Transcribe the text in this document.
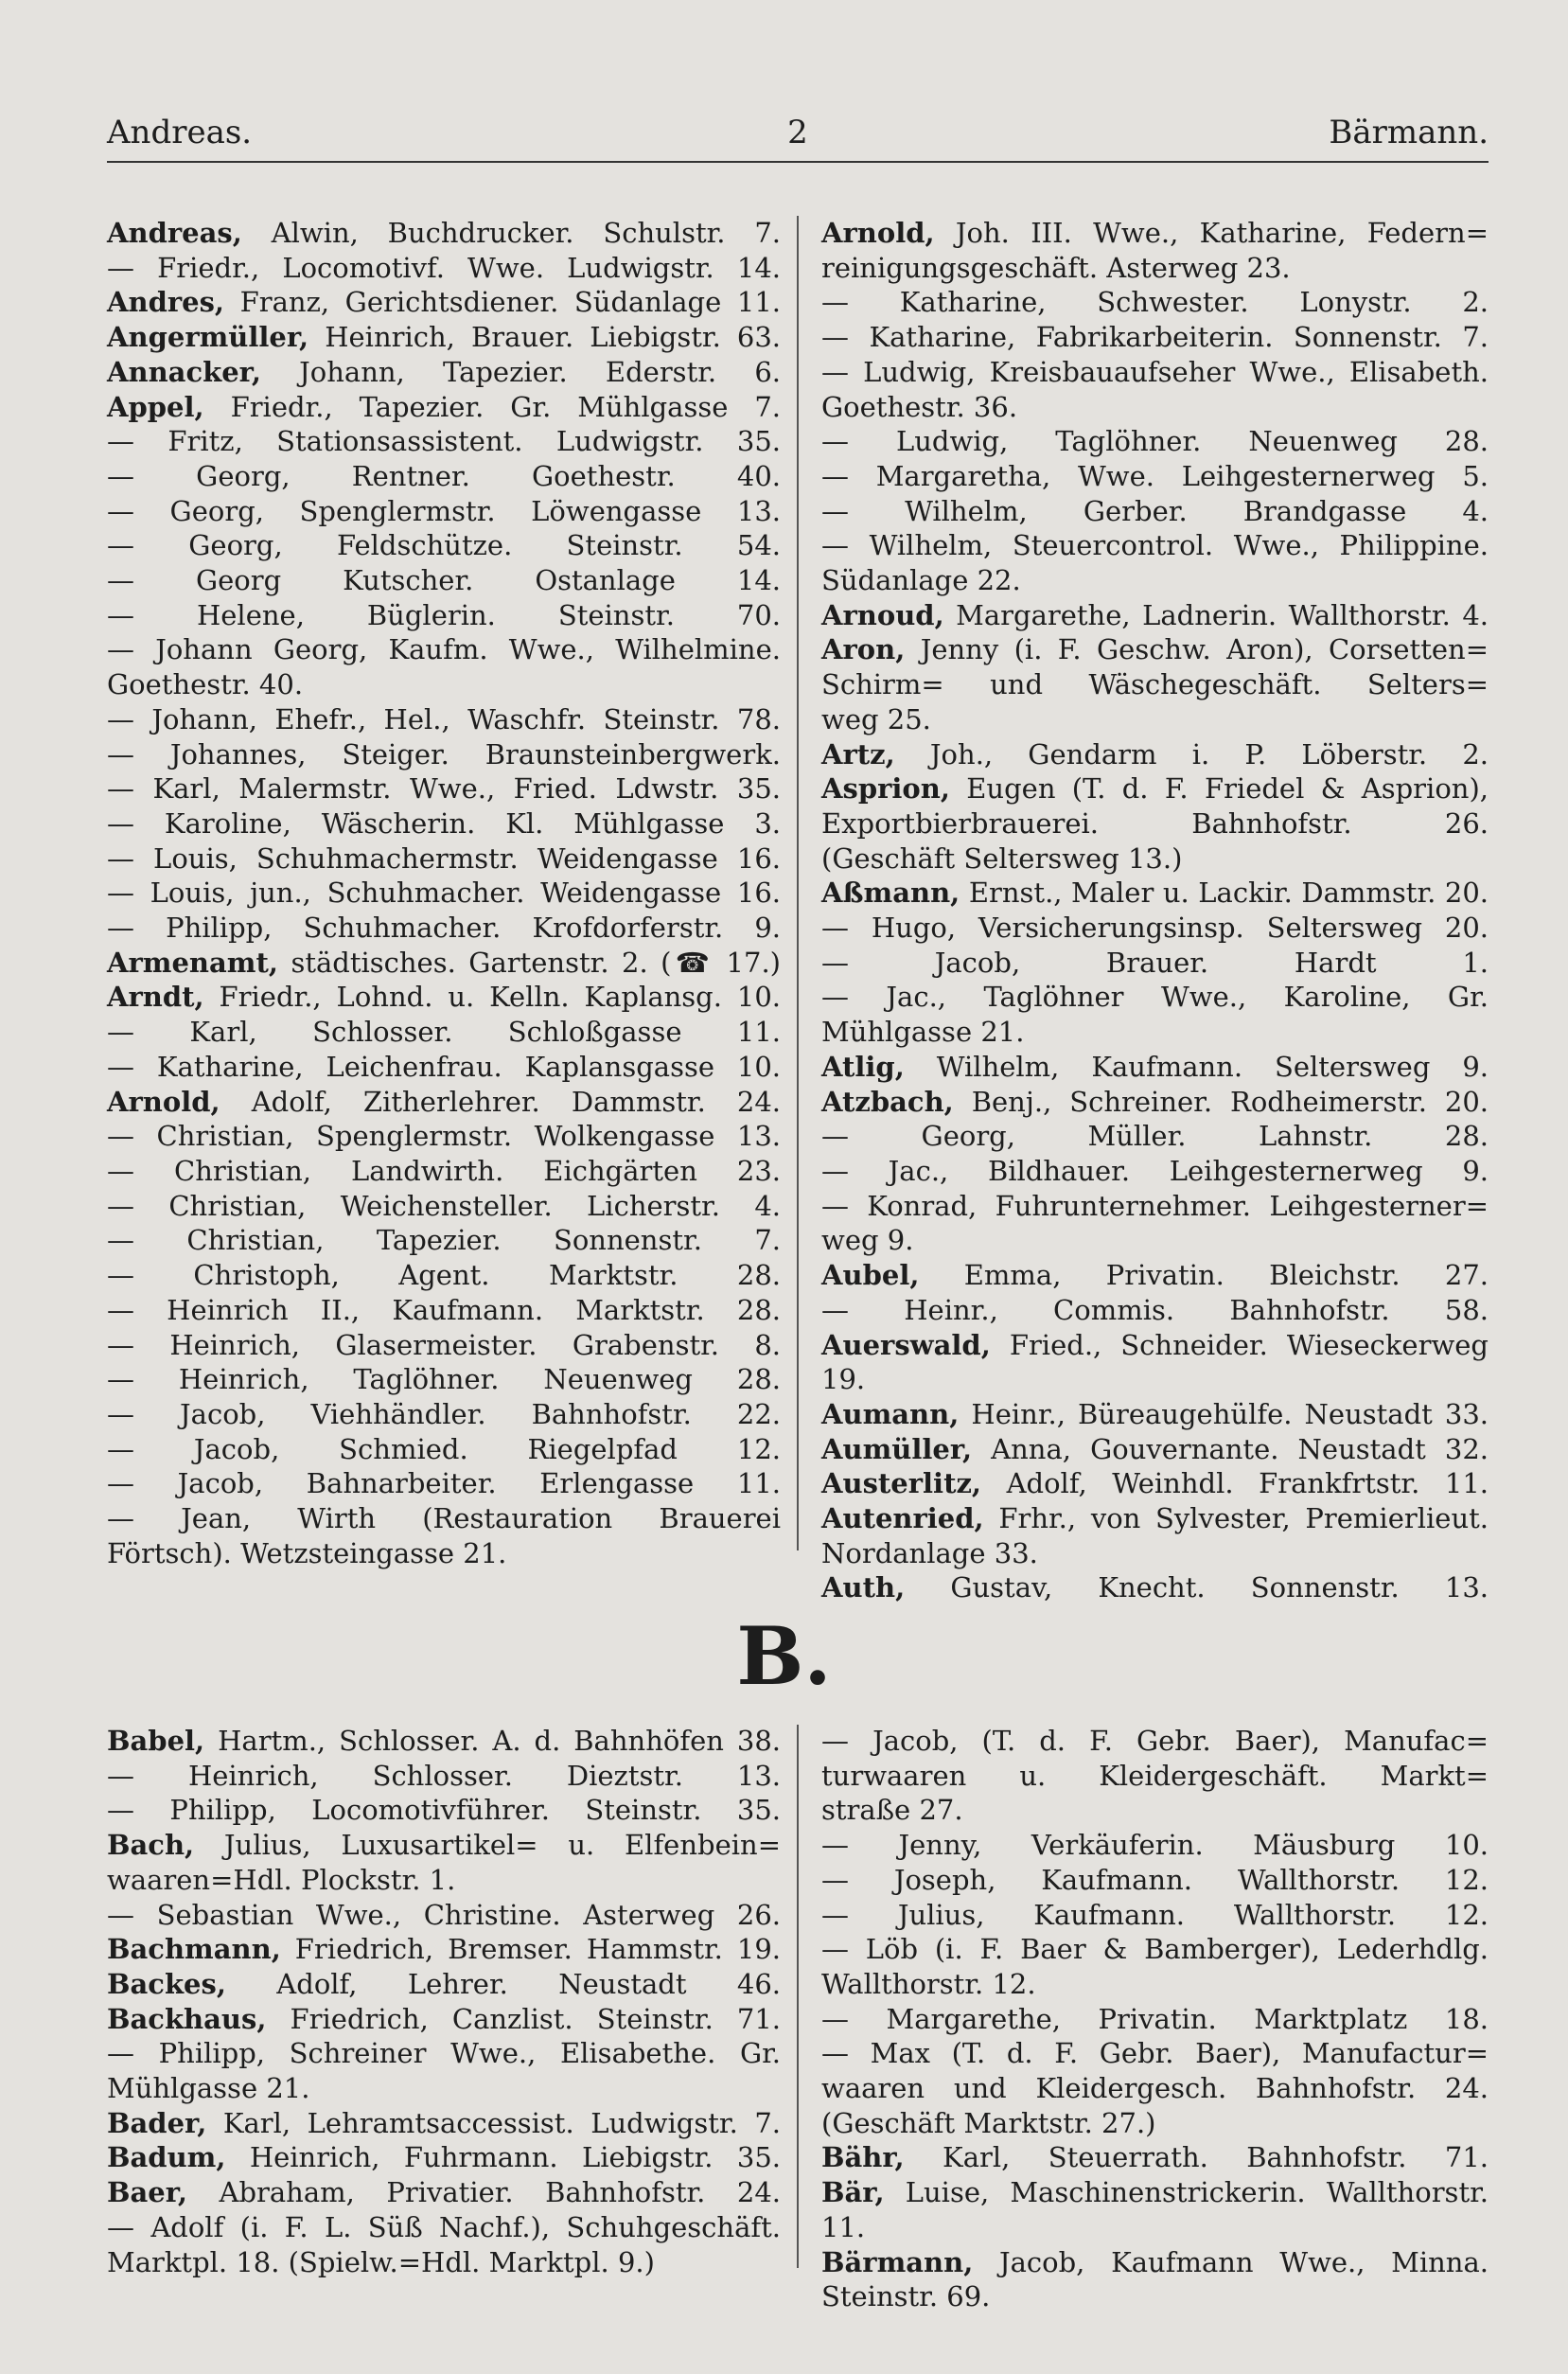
Andreas.	2	Bärmann.
Andreas, Alwin, Buchdrucker. Schulstr. 7.
— Friedr., Locomotivf. Wwe. Ludwigstr. 14.
Andres, Franz, Gerichtsdiener. Südanlage 11.
Angermüller, Heinrich, Brauer. Liebigstr. 63.
Annacker, Johann, Tapezier. Ederstr. 6.
Appel, Friedr., Tapezier. Gr. Mühlgasse 7.
— Fritz, Stationsassistent. Ludwigstr. 35.
— Georg, Rentner. Goethestr. 40.
— Georg, Spenglermstr. Löwengasse 13.
— Georg, Feldschütze. Steinstr. 54.
— Georg Kutscher. Ostanlage 14.
— Helene, Büglerin. Steinstr. 70.
— Johann Georg, Kaufm. Wwe., Wilhelmine.
Goethestr. 40.
— Johann, Ehefr., Hel., Waschfr. Steinstr. 78.
— Johannes, Steiger. Braunsteinbergwerk.
— Karl, Malermstr. Wwe., Fried. Ldwstr. 35.
— Karoline, Wäscherin. Kl. Mühlgasse 3.
— Louis, Schuhmachermstr. Weidengasse 16.
— Louis, jun., Schuhmacher. Weidengasse 16.
— Philipp, Schuhmacher. Krofdorferstr. 9.
Armenamt, städtisches. Gartenstr. 2. (☎ 17.)
Arndt, Friedr., Lohnd. u. Kelln. Kaplansg. 10.
— Karl, Schlosser. Schloßgasse 11.
— Katharine, Leichenfrau. Kaplansgasse 10.
Arnold, Adolf, Zitherlehrer. Dammstr. 24.
— Christian, Spenglermstr. Wolkengasse 13.
— Christian, Landwirth. Eichgärten 23.
— Christian, Weichensteller. Licherstr. 4.
— Christian, Tapezier. Sonnenstr. 7.
— Christoph, Agent. Marktstr. 28.
— Heinrich II., Kaufmann. Marktstr. 28.
— Heinrich, Glasermeister. Grabenstr. 8.
— Heinrich, Taglöhner. Neuenweg 28.
— Jacob, Viehhändler. Bahnhofstr. 22.
— Jacob, Schmied. Riegelpfad 12.
— Jacob, Bahnarbeiter. Erlengasse 11.
— Jean, Wirth (Restauration Brauerei
Förtsch). Wetzsteingasse 21.
Arnold, Joh. III. Wwe., Katharine, Federn=
reinigungsgeschäft. Asterweg 23.
— Katharine, Schwester. Lonystr. 2.
— Katharine, Fabrikarbeiterin. Sonnenstr. 7.
— Ludwig, Kreisbauaufseher Wwe., Elisabeth.
Goethestr. 36.
— Ludwig, Taglöhner. Neuenweg 28.
— Margaretha, Wwe. Leihgesternerweg 5.
— Wilhelm, Gerber. Brandgasse 4.
— Wilhelm, Steuercontrol. Wwe., Philippine.
Südanlage 22.
Arnoud, Margarethe, Ladnerin. Wallthorstr. 4.
Aron, Jenny (i. F. Geschw. Aron), Corsetten=
Schirm= und Wäschegeschäft. Selters=
weg 25.
Artz, Joh., Gendarm i. P. Löberstr. 2.
Asprion, Eugen (T. d. F. Friedel & Asprion),
Exportbierbrauerei. Bahnhofstr. 26.
(Geschäft Seltersweg 13.)
Aßmann, Ernst., Maler u. Lackir. Dammstr. 20.
— Hugo, Versicherungsinsp. Seltersweg 20.
— Jacob, Brauer. Hardt 1.
— Jac., Taglöhner Wwe., Karoline, Gr.
Mühlgasse 21.
Atlig, Wilhelm, Kaufmann. Seltersweg 9.
Atzbach, Benj., Schreiner. Rodheimerstr. 20.
— Georg, Müller. Lahnstr. 28.
— Jac., Bildhauer. Leihgesternerweg 9.
— Konrad, Fuhrunternehmer. Leihgesterner=
weg 9.
Aubel, Emma, Privatin. Bleichstr. 27.
— Heinr., Commis. Bahnhofstr. 58.
Auerswald, Fried., Schneider. Wieseckerweg 19.
Aumann, Heinr., Büreaugehülfe. Neustadt 33.
Aumüller, Anna, Gouvernante. Neustadt 32.
Austerlitz, Adolf, Weinhdl. Frankfrtstr. 11.
Autenried, Frhr., von Sylvester, Premierlieut.
Nordanlage 33.
Auth, Gustav, Knecht. Sonnenstr. 13.
B.
Babel, Hartm., Schlosser. A. d. Bahnhöfen 38.
— Heinrich, Schlosser. Dieztstr. 13.
— Philipp, Locomotivführer. Steinstr. 35.
Bach, Julius, Luxusartikel= u. Elfenbein=
waaren=Hdl. Plockstr. 1.
— Sebastian Wwe., Christine. Asterweg 26.
Bachmann, Friedrich, Bremser. Hammstr. 19.
Backes, Adolf, Lehrer. Neustadt 46.
Backhaus, Friedrich, Canzlist. Steinstr. 71.
— Philipp, Schreiner Wwe., Elisabethe. Gr.
Mühlgasse 21.
Bader, Karl, Lehramtsaccessist. Ludwigstr. 7.
Badum, Heinrich, Fuhrmann. Liebigstr. 35.
Baer, Abraham, Privatier. Bahnhofstr. 24.
— Adolf (i. F. L. Süß Nachf.), Schuhgeschäft.
Marktpl. 18. (Spielw.=Hdl. Marktpl. 9.)
— Jacob, (T. d. F. Gebr. Baer), Manufac=
turwaaren u. Kleidergeschäft. Markt=
straße 27.
— Jenny, Verkäuferin. Mäusburg 10.
— Joseph, Kaufmann. Wallthorstr. 12.
— Julius, Kaufmann. Wallthorstr. 12.
— Löb (i. F. Baer & Bamberger), Lederhdlg.
Wallthorstr. 12.
— Margarethe, Privatin. Marktplatz 18.
— Max (T. d. F. Gebr. Baer), Manufactur=
waaren und Kleidergesch. Bahnhofstr. 24.
(Geschäft Marktstr. 27.)
Bähr, Karl, Steuerrath. Bahnhofstr. 71.
Bär, Luise, Maschinenstrickerin. Wallthorstr. 11.
Bärmann, Jacob, Kaufmann Wwe., Minna.
Steinstr. 69.
